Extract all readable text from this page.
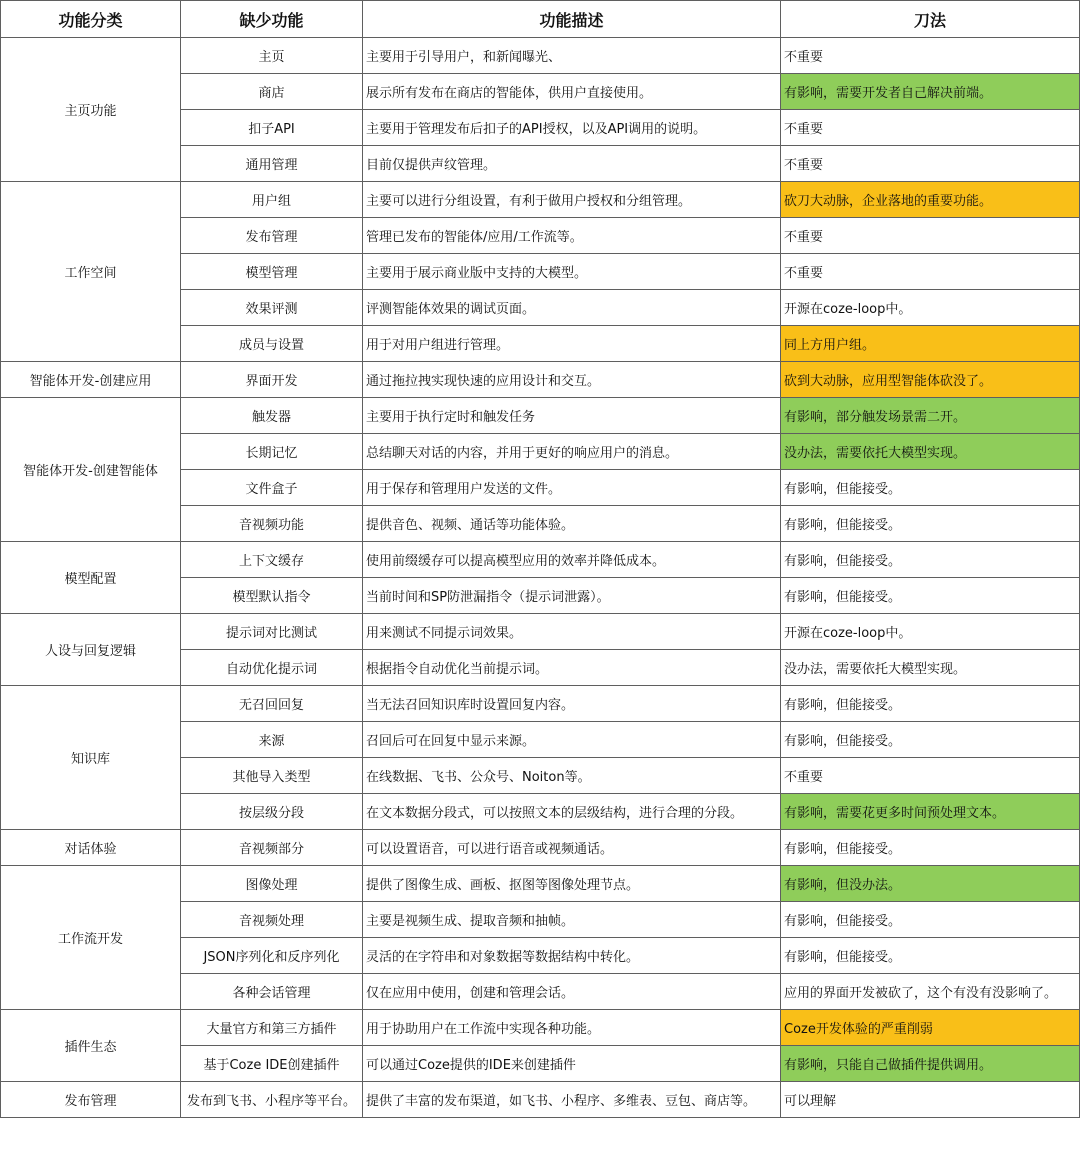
功能分类	缺少功能	功能描述	刀法
主页功能	主页	主要用于引导用户，和新闻曝光、	不重要
	商店	展示所有发布在商店的智能体，供用户直接使用。	有影响，需要开发者自己解决前端。
	扣子API	主要用于管理发布后扣子的API授权，以及API调用的说明。	不重要
	通用管理	目前仅提供声纹管理。	不重要
工作空间	用户组	主要可以进行分组设置，有利于做用户授权和分组管理。	砍刀大动脉，企业落地的重要功能。
	发布管理	管理已发布的智能体/应用/工作流等。	不重要
	模型管理	主要用于展示商业版中支持的大模型。	不重要
	效果评测	评测智能体效果的调试页面。	开源在coze-loop中。
	成员与设置	用于对用户组进行管理。	同上方用户组。
智能体开发-创建应用	界面开发	通过拖拉拽实现快速的应用设计和交互。	砍到大动脉，应用型智能体砍没了。
智能体开发-创建智能体	触发器	主要用于执行定时和触发任务	有影响，部分触发场景需二开。
	长期记忆	总结聊天对话的内容，并用于更好的响应用户的消息。	没办法，需要依托大模型实现。
	文件盒子	用于保存和管理用户发送的文件。	有影响，但能接受。
	音视频功能	提供音色、视频、通话等功能体验。	有影响，但能接受。
模型配置	上下文缓存	使用前缀缓存可以提高模型应用的效率并降低成本。	有影响，但能接受。
	模型默认指令	当前时间和SP防泄漏指令（提示词泄露）。	有影响，但能接受。
人设与回复逻辑	提示词对比测试	用来测试不同提示词效果。	开源在coze-loop中。
	自动优化提示词	根据指令自动优化当前提示词。	没办法，需要依托大模型实现。
知识库	无召回回复	当无法召回知识库时设置回复内容。	有影响，但能接受。
	来源	召回后可在回复中显示来源。	有影响，但能接受。
	其他导入类型	在线数据、飞书、公众号、Noiton等。	不重要
	按层级分段	在文本数据分段式，可以按照文本的层级结构，进行合理的分段。	有影响，需要花更多时间预处理文本。
对话体验	音视频部分	可以设置语音，可以进行语音或视频通话。	有影响，但能接受。
工作流开发	图像处理	提供了图像生成、画板、抠图等图像处理节点。	有影响，但没办法。
	音视频处理	主要是视频生成、提取音频和抽帧。	有影响，但能接受。
	JSON序列化和反序列化	灵活的在字符串和对象数据等数据结构中转化。	有影响，但能接受。
	各种会话管理	仅在应用中使用，创建和管理会话。	应用的界面开发被砍了，这个有没有没影响了。
插件生态	大量官方和第三方插件	用于协助用户在工作流中实现各种功能。	Coze开发体验的严重削弱
	基于Coze IDE创建插件	可以通过Coze提供的IDE来创建插件	有影响，只能自己做插件提供调用。
发布管理	发布到飞书、小程序等平台。	提供了丰富的发布渠道，如飞书、小程序、多维表、豆包、商店等。	可以理解
